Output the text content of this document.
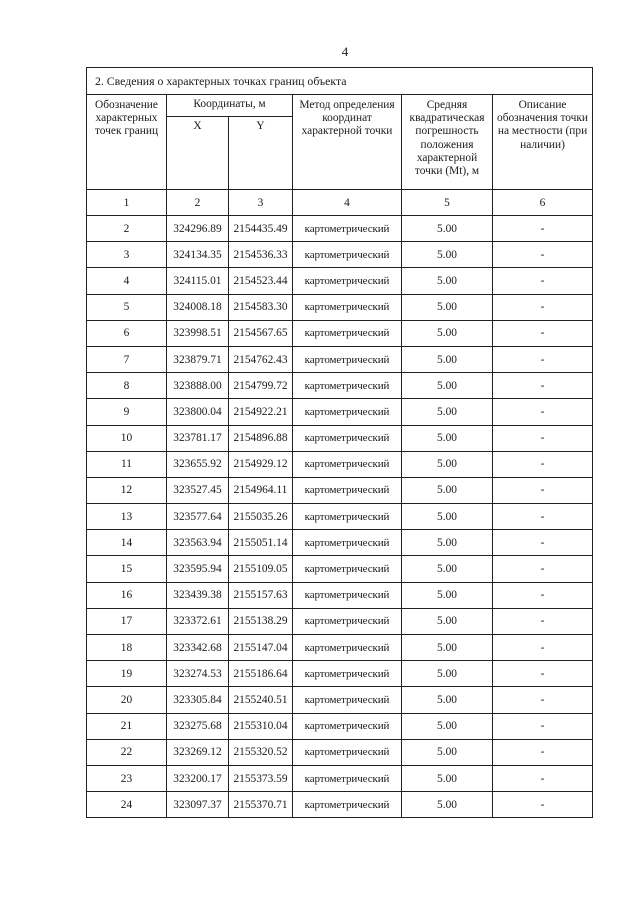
4
2. Сведения о характерных точках границ объекта					
Обозначение характерных точек границ	Координаты, м		Метод определения координат характерной точки	Средняя квадратическая погрешность положения характерной точки (Mt), м	Описание обозначения точки на местности (при наличии)
	X	Y			
1	2	3	4	5	6
2	324296.89	2154435.49	картометрический	5.00	-
3	324134.35	2154536.33	картометрический	5.00	-
4	324115.01	2154523.44	картометрический	5.00	-
5	324008.18	2154583.30	картометрический	5.00	-
6	323998.51	2154567.65	картометрический	5.00	-
7	323879.71	2154762.43	картометрический	5.00	-
8	323888.00	2154799.72	картометрический	5.00	-
9	323800.04	2154922.21	картометрический	5.00	-
10	323781.17	2154896.88	картометрический	5.00	-
11	323655.92	2154929.12	картометрический	5.00	-
12	323527.45	2154964.11	картометрический	5.00	-
13	323577.64	2155035.26	картометрический	5.00	-
14	323563.94	2155051.14	картометрический	5.00	-
15	323595.94	2155109.05	картометрический	5.00	-
16	323439.38	2155157.63	картометрический	5.00	-
17	323372.61	2155138.29	картометрический	5.00	-
18	323342.68	2155147.04	картометрический	5.00	-
19	323274.53	2155186.64	картометрический	5.00	-
20	323305.84	2155240.51	картометрический	5.00	-
21	323275.68	2155310.04	картометрический	5.00	-
22	323269.12	2155320.52	картометрический	5.00	-
23	323200.17	2155373.59	картометрический	5.00	-
24	323097.37	2155370.71	картометрический	5.00	-
